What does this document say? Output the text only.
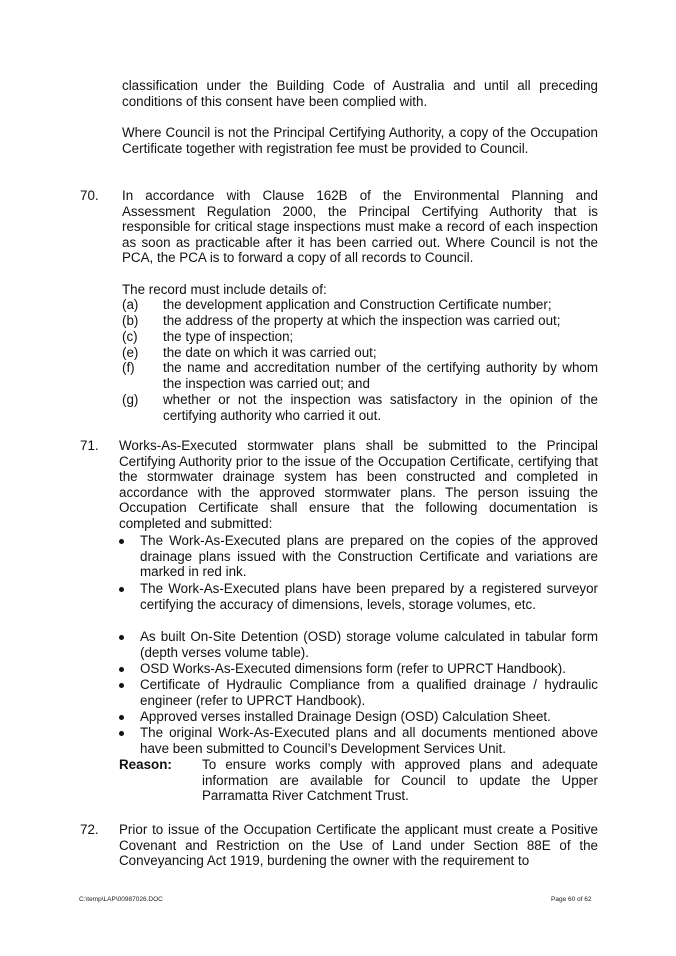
classification under the Building Code of Australia and until all preceding conditions of this consent have been complied with.
Where Council is not the Principal Certifying Authority, a copy of the Occupation Certificate together with registration fee must be provided to Council.
70. In accordance with Clause 162B of the Environmental Planning and Assessment Regulation 2000, the Principal Certifying Authority that is responsible for critical stage inspections must make a record of each inspection as soon as practicable after it has been carried out. Where Council is not the PCA, the PCA is to forward a copy of all records to Council.
The record must include details of:
(a) the development application and Construction Certificate number;
(b) the address of the property at which the inspection was carried out;
(c) the type of inspection;
(e) the date on which it was carried out;
(f) the name and accreditation number of the certifying authority by whom the inspection was carried out; and
(g) whether or not the inspection was satisfactory in the opinion of the certifying authority who carried it out.
71. Works-As-Executed stormwater plans shall be submitted to the Principal Certifying Authority prior to the issue of the Occupation Certificate, certifying that the stormwater drainage system has been constructed and completed in accordance with the approved stormwater plans. The person issuing the Occupation Certificate shall ensure that the following documentation is completed and submitted:
The Work-As-Executed plans are prepared on the copies of the approved drainage plans issued with the Construction Certificate and variations are marked in red ink.
The Work-As-Executed plans have been prepared by a registered surveyor certifying the accuracy of dimensions, levels, storage volumes, etc.
As built On-Site Detention (OSD) storage volume calculated in tabular form (depth verses volume table).
OSD Works-As-Executed dimensions form (refer to UPRCT Handbook).
Certificate of Hydraulic Compliance from a qualified drainage / hydraulic engineer (refer to UPRCT Handbook).
Approved verses installed Drainage Design (OSD) Calculation Sheet.
The original Work-As-Executed plans and all documents mentioned above have been submitted to Council’s Development Services Unit.
Reason: To ensure works comply with approved plans and adequate information are available for Council to update the Upper Parramatta River Catchment Trust.
72. Prior to issue of the Occupation Certificate the applicant must create a Positive Covenant and Restriction on the Use of Land under Section 88E of the Conveyancing Act 1919, burdening the owner with the requirement to
C:\temp\LAP\00987026.DOC	Page 60 of 62
